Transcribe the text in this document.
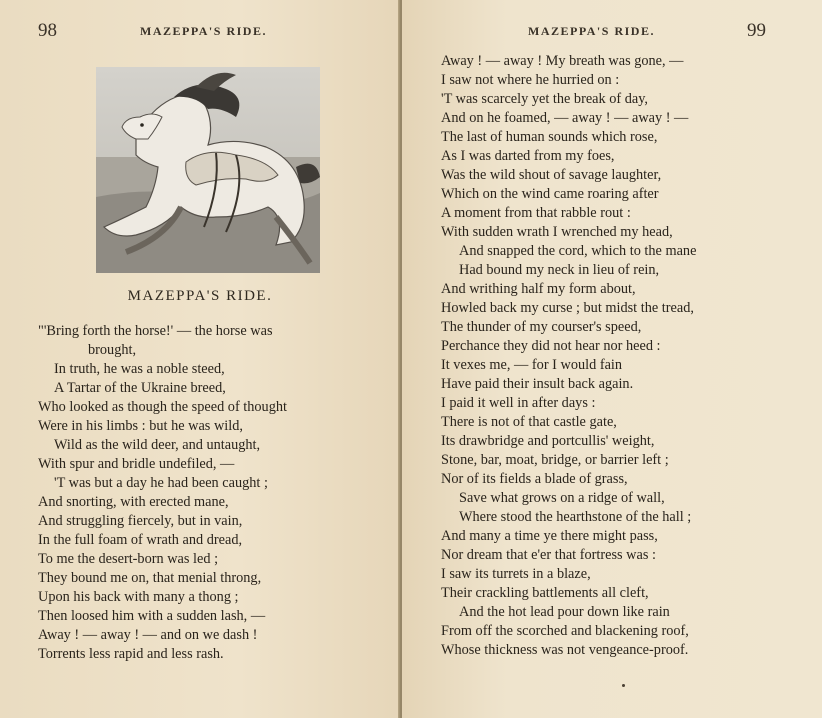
98	MAZEPPA'S RIDE.
MAZEPPA'S RIDE.
"'Bring forth the horse!' — the horse was
brought,
In truth, he was a noble steed,
A Tartar of the Ukraine breed,
Who looked as though the speed of thought
Were in his limbs : but he was wild,
Wild as the wild deer, and untaught,
With spur and bridle undefiled, —
'T was but a day he had been caught ;
And snorting, with erected mane,
And struggling fiercely, but in vain,
In the full foam of wrath and dread,
To me the desert-born was led ;
They bound me on, that menial throng,
Upon his back with many a thong ;
Then loosed him with a sudden lash, —
Away ! — away ! — and on we dash !
Torrents less rapid and less rash.
MAZEPPA'S RIDE.	99
Away ! — away ! My breath was gone, —
I saw not where he hurried on :
'T was scarcely yet the break of day,
And on he foamed, — away ! — away ! —
The last of human sounds which rose,
As I was darted from my foes,
Was the wild shout of savage laughter,
Which on the wind came roaring after
A moment from that rabble rout :
With sudden wrath I wrenched my head,
And snapped the cord, which to the mane
Had bound my neck in lieu of rein,
And writhing half my form about,
Howled back my curse ; but midst the tread,
The thunder of my courser's speed,
Perchance they did not hear nor heed :
It vexes me, — for I would fain
Have paid their insult back again.
I paid it well in after days :
There is not of that castle gate,
Its drawbridge and portcullis' weight,
Stone, bar, moat, bridge, or barrier left ;
Nor of its fields a blade of grass,
Save what grows on a ridge of wall,
Where stood the hearthstone of the hall ;
And many a time ye there might pass,
Nor dream that e'er that fortress was :
I saw its turrets in a blaze,
Their crackling battlements all cleft,
And the hot lead pour down like rain
From off the scorched and blackening roof,
Whose thickness was not vengeance-proof.
